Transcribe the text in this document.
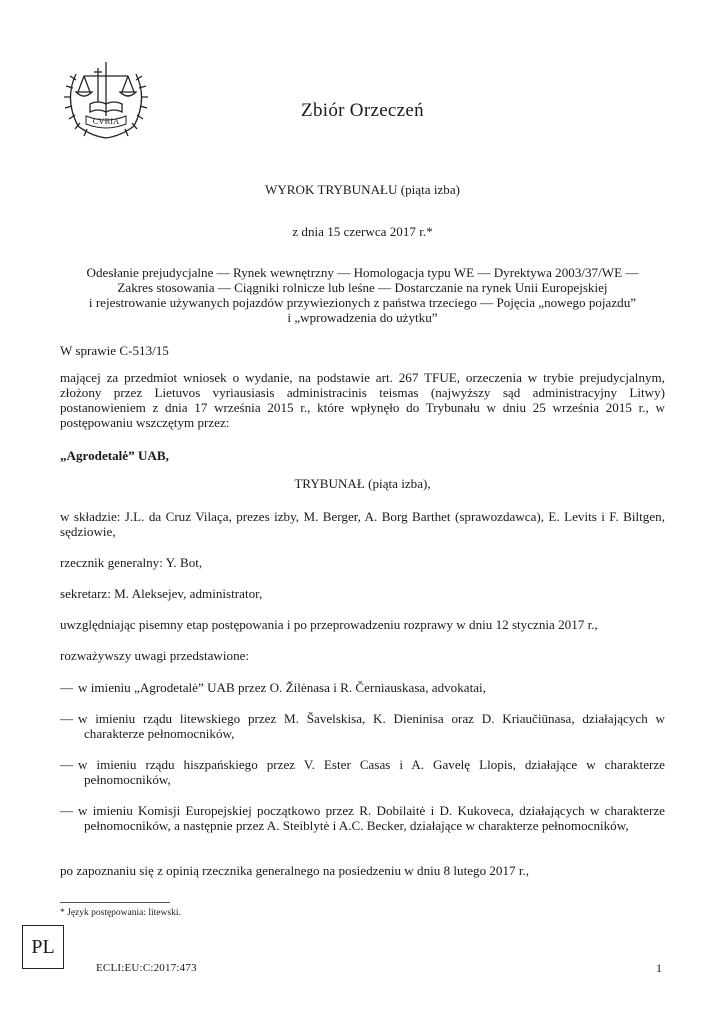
CVRIA	Zbiór Orzeczeń

WYROK TRYBUNAŁU (piąta izba)

z dnia 15 czerwca 2017 r.*

Odesłanie prejudycjalne — Rynek wewnętrzny — Homologacja typu WE — Dyrektywa 2003/37/WE —
Zakres stosowania — Ciągniki rolnicze lub leśne — Dostarczanie na rynek Unii Europejskiej
i rejestrowanie używanych pojazdów przywiezionych z państwa trzeciego — Pojęcia „nowego pojazdu”
i „wprowadzenia do użytku”

W sprawie C-513/15

mającej za przedmiot wniosek o wydanie, na podstawie art. 267 TFUE, orzeczenia w trybie prejudycjalnym, złożony przez Lietuvos vyriausiasis administracinis teismas (najwyższy sąd administracyjny Litwy) postanowieniem z dnia 17 września 2015 r., które wpłynęło do Trybunału w dniu 25 września 2015 r., w postępowaniu wszczętym przez:

„Agrodetalė” UAB,

TRYBUNAŁ (piąta izba),

w składzie: J.L. da Cruz Vilaça, prezes izby, M. Berger, A. Borg Barthet (sprawozdawca), E. Levits i F. Biltgen, sędziowie,

rzecznik generalny: Y. Bot,

sekretarz: M. Aleksejev, administrator,

uwzględniając pisemny etap postępowania i po przeprowadzeniu rozprawy w dniu 12 stycznia 2017 r.,

rozważywszy uwagi przedstawione:

— w imieniu „Agrodetalė” UAB przez O. Žilėnasa i R. Černiauskasa, advokatai,
— w imieniu rządu litewskiego przez M. Šavelskisa, K. Dieninisa oraz D. Kriaučiūnasa, działających w charakterze pełnomocników,
— w imieniu rządu hiszpańskiego przez V. Ester Casas i A. Gavelę Llopis, działające w charakterze pełnomocników,
— w imieniu Komisji Europejskiej początkowo przez R. Dobilaitė i D. Kukoveca, działających w charakterze pełnomocników, a następnie przez A. Steiblytė i A.C. Becker, działające w charakterze pełnomocników,

po zapoznaniu się z opinią rzecznika generalnego na posiedzeniu w dniu 8 lutego 2017 r.,

* Język postępowania: litewski.
PL
ECLI:EU:C:2017:473	1
